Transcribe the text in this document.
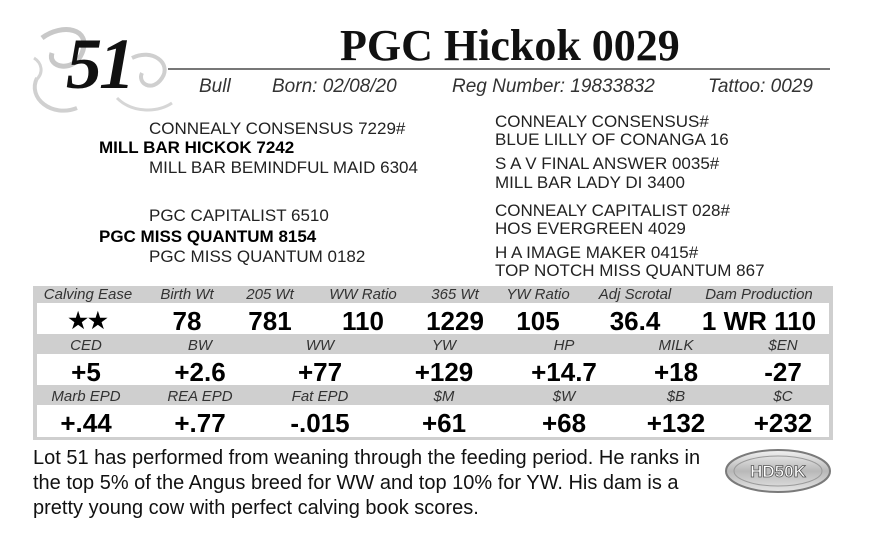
51	PGC Hickok 0029
Bull Born: 02/08/20	Reg Number: 19833832	Tattoo: 0029
CONNEALY CONSENSUS 7229#
MILL BAR HICKOK 7242
MILL BAR BEMINDFUL MAID 6304
PGC CAPITALIST 6510
PGC MISS QUANTUM 8154
PGC MISS QUANTUM 0182
CONNEALY CONSENSUS#
BLUE LILLY OF CONANGA 16
S A V FINAL ANSWER 0035#
MILL BAR LADY DI 3400
CONNEALY CAPITALIST 028#
HOS EVERGREEN 4029
H A IMAGE MAKER 0415#
TOP NOTCH MISS QUANTUM 867
Calving Ease	Birth Wt	205 Wt	WW Ratio	365 Wt	YW Ratio	Adj Scrotal	Dam Production
★★	78	781	110	1229	105	36.4	1 WR 110
CED	BW	WW	YW	HP	MILK	$EN
+5	+2.6	+77	+129	+14.7	+18	-27
Marb EPD	REA EPD	Fat EPD	$M	$W	$B	$C
+.44	+.77	-.015	+61	+68	+132	+232
Lot 51 has performed from weaning through the feeding period. He ranks in the top 5% of the Angus breed for WW and top 10% for YW. His dam is a pretty young cow with perfect calving book scores.
HD50K
